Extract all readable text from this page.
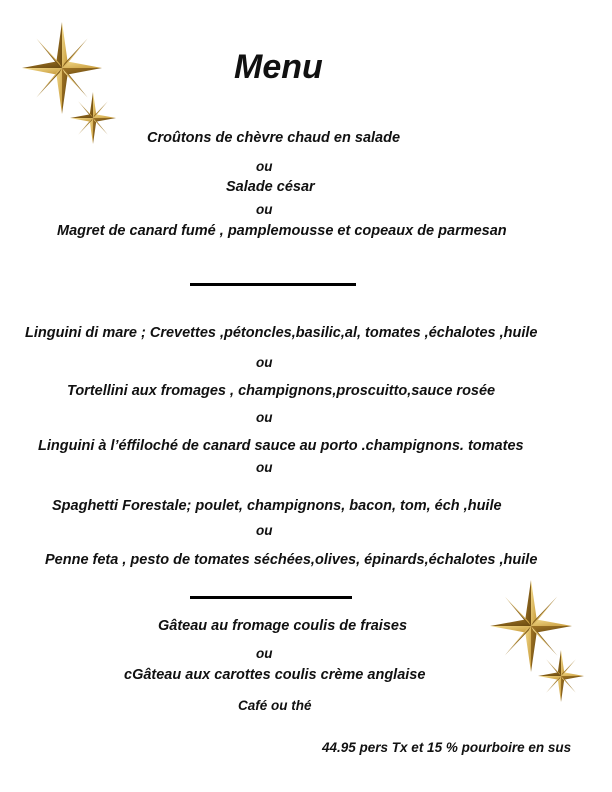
Menu
Croûtons de chèvre chaud en salade
ou
Salade césar
ou
Magret de canard fumé , pamplemousse et copeaux de parmesan
Linguini di mare ; Crevettes ,pétoncles,basilic,al, tomates ,échalotes ,huile
ou
Tortellini aux fromages , champignons,proscuitto,sauce rosée
ou
Linguini à l’éffiloché de canard sauce au porto .champignons. tomates
ou
Spaghetti Forestale; poulet, champignons, bacon, tom, éch ,huile
ou
Penne feta , pesto de tomates séchées,olives, épinards,échalotes ,huile
Gâteau au fromage coulis de fraises
ou
cGâteau aux carottes coulis crème anglaise
Café ou thé
44.95 pers Tx et 15 % pourboire en sus
